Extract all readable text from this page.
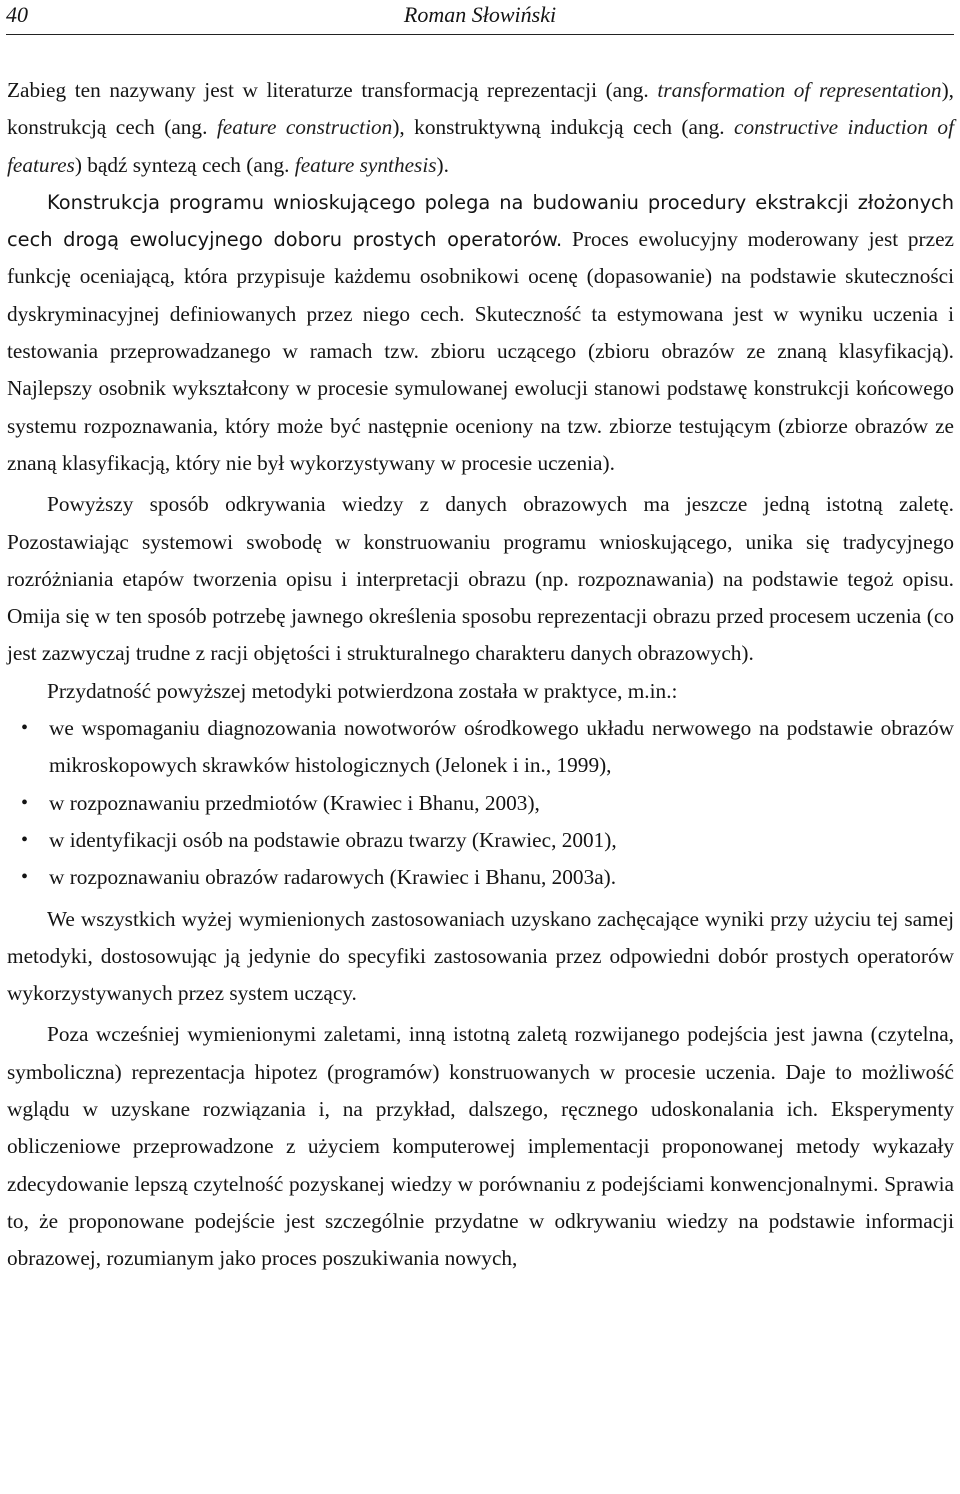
40	Roman Słowiński

Zabieg ten nazywany jest w literaturze transformacją reprezentacji (ang. transformation of representation), konstrukcją cech (ang. feature construction), konstruktywną indukcją cech (ang. constructive induction of features) bądź syntezą cech (ang. feature synthesis).

Konstrukcja programu wnioskującego polega na budowaniu procedury ekstrakcji złożonych cech drogą ewolucyjnego doboru prostych operatorów. Proces ewolucyjny moderowany jest przez funkcję oceniającą, która przypisuje każdemu osobnikowi ocenę (dopasowanie) na podstawie skuteczności dyskryminacyjnej definiowanych przez niego cech. Skuteczność ta estymowana jest w wyniku uczenia i testowania przeprowadzanego w ramach tzw. zbioru uczącego (zbioru obrazów ze znaną klasyfikacją). Najlepszy osobnik wykształcony w procesie symulowanej ewolucji stanowi podstawę konstrukcji końcowego systemu rozpoznawania, który może być następnie oceniony na tzw. zbiorze testującym (zbiorze obrazów ze znaną klasyfikacją, który nie był wykorzystywany w procesie uczenia).

Powyższy sposób odkrywania wiedzy z danych obrazowych ma jeszcze jedną istotną zaletę. Pozostawiając systemowi swobodę w konstruowaniu programu wnioskującego, unika się tradycyjnego rozróżniania etapów tworzenia opisu i interpretacji obrazu (np. rozpoznawania) na podstawie tegoż opisu. Omija się w ten sposób potrzebę jawnego określenia sposobu reprezentacji obrazu przed procesem uczenia (co jest zazwyczaj trudne z racji objętości i strukturalnego charakteru danych obrazowych).

Przydatność powyższej metodyki potwierdzona została w praktyce, m.in.:

• we wspomaganiu diagnozowania nowotworów ośrodkowego układu nerwowego na podstawie obrazów mikroskopowych skrawków histologicznych (Jelonek i in., 1999),
• w rozpoznawaniu przedmiotów (Krawiec i Bhanu, 2003),
• w identyfikacji osób na podstawie obrazu twarzy (Krawiec, 2001),
• w rozpoznawaniu obrazów radarowych (Krawiec i Bhanu, 2003a).

We wszystkich wyżej wymienionych zastosowaniach uzyskano zachęcające wyniki przy użyciu tej samej metodyki, dostosowując ją jedynie do specyfiki zastosowania przez odpowiedni dobór prostych operatorów wykorzystywanych przez system uczący.

Poza wcześniej wymienionymi zaletami, inną istotną zaletą rozwijanego podejścia jest jawna (czytelna, symboliczna) reprezentacja hipotez (programów) konstruowanych w procesie uczenia. Daje to możliwość wglądu w uzyskane rozwiązania i, na przykład, dalszego, ręcznego udoskonalania ich. Eksperymenty obliczeniowe przeprowadzone z użyciem komputerowej implementacji proponowanej metody wykazały zdecydowanie lepszą czytelność pozyskanej wiedzy w porównaniu z podejściami konwencjonalnymi. Sprawia to, że proponowane podejście jest szczególnie przydatne w odkrywaniu wiedzy na podstawie informacji obrazowej, rozumianym jako proces poszukiwania nowych,
